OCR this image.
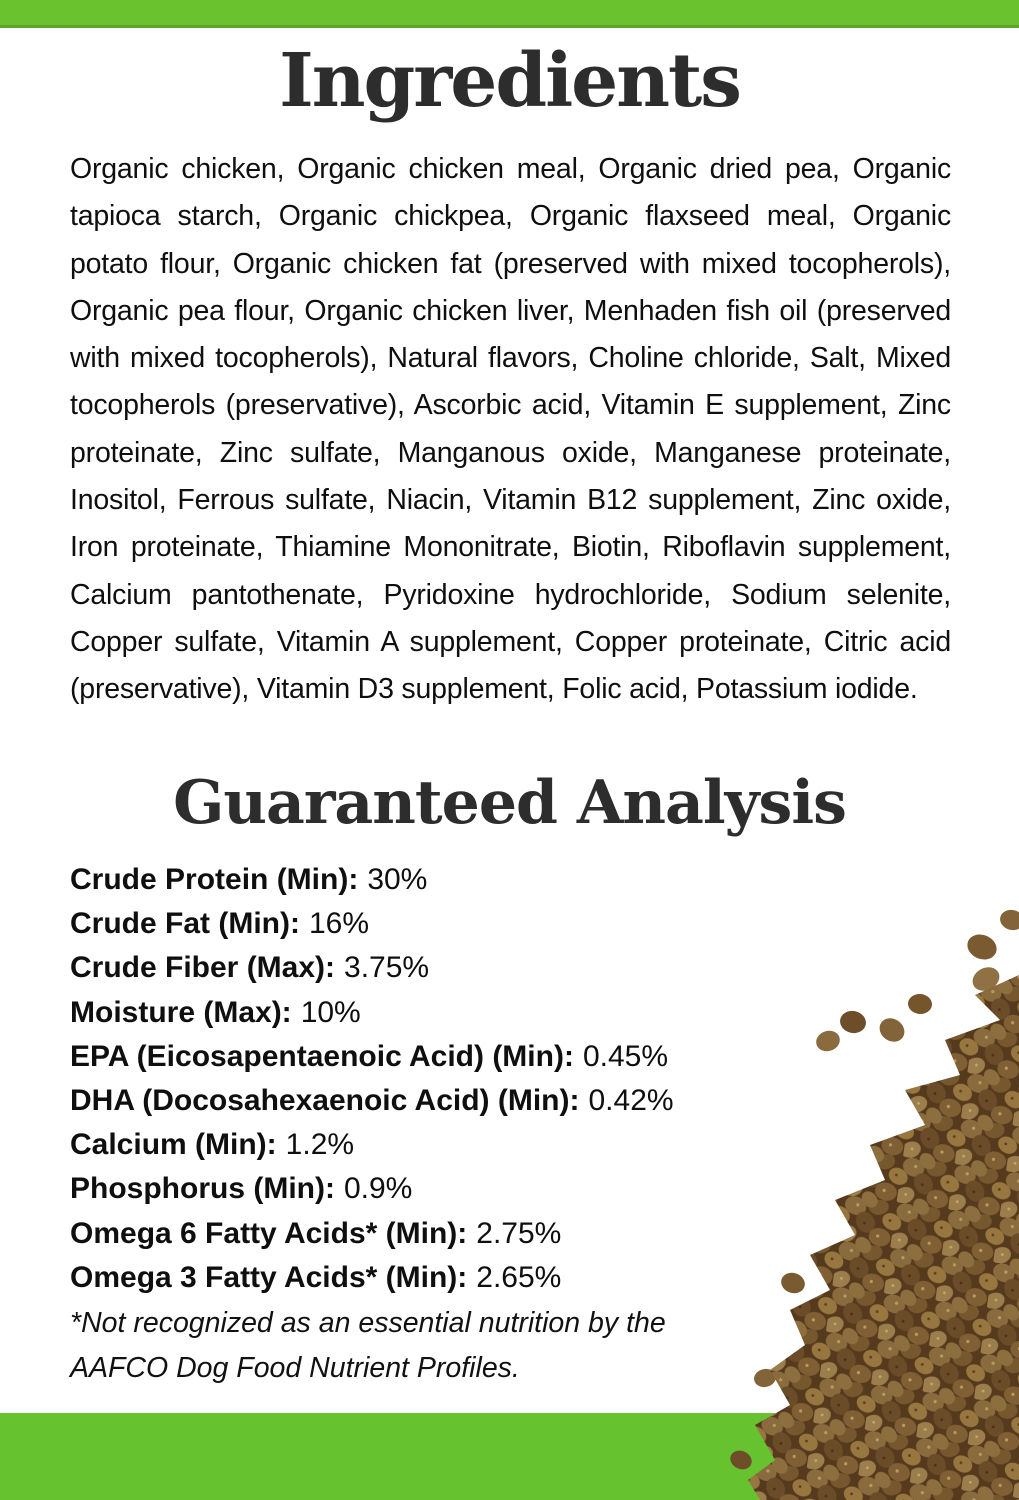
Ingredients

Organic chicken, Organic chicken meal, Organic dried pea, Organic tapioca starch, Organic chickpea, Organic flaxseed meal, Organic potato flour, Organic chicken fat (preserved with mixed tocopherols), Organic pea flour, Organic chicken liver, Menhaden fish oil (preserved with mixed tocopherols), Natural flavors, Choline chloride, Salt, Mixed tocopherols (preservative), Ascorbic acid, Vitamin E supplement, Zinc proteinate, Zinc sulfate, Manganous oxide, Manganese proteinate, Inositol, Ferrous sulfate, Niacin, Vitamin B12 supplement, Zinc oxide, Iron proteinate, Thiamine Mononitrate, Biotin, Riboflavin supplement, Calcium pantothenate, Pyridoxine hydrochloride, Sodium selenite, Copper sulfate, Vitamin A supplement, Copper proteinate, Citric acid (preservative), Vitamin D3 supplement, Folic acid, Potassium iodide.

Guaranteed Analysis
Crude Protein (Min): 30%
Crude Fat (Min): 16%
Crude Fiber (Max): 3.75%
Moisture (Max): 10%
EPA (Eicosapentaenoic Acid) (Min): 0.45%
DHA (Docosahexaenoic Acid) (Min): 0.42%
Calcium (Min): 1.2%
Phosphorus (Min): 0.9%
Omega 6 Fatty Acids* (Min): 2.75%
Omega 3 Fatty Acids* (Min): 2.65%

*Not recognized as an essential nutrition by the AAFCO Dog Food Nutrient Profiles.
